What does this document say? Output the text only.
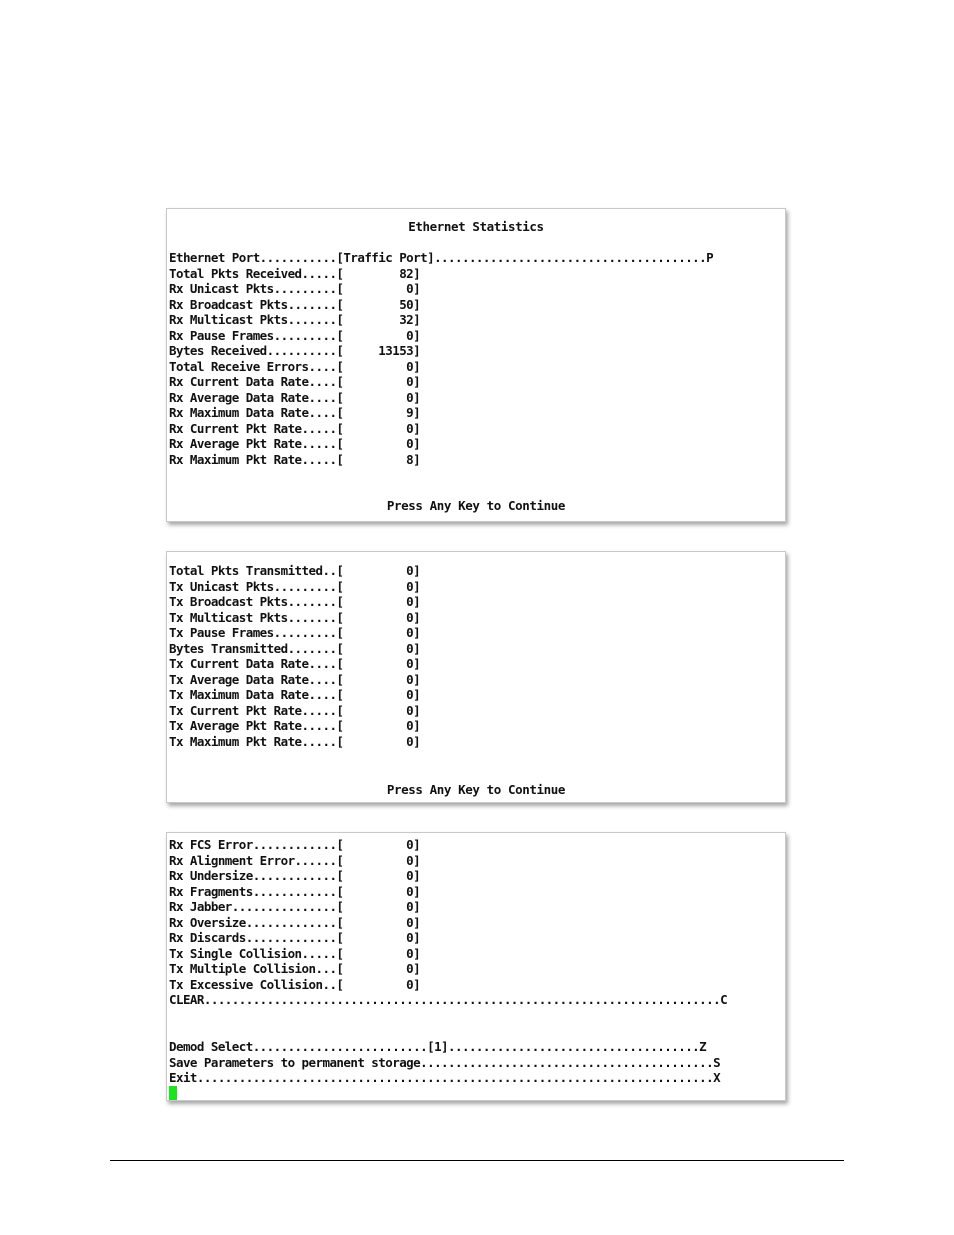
Ethernet Statistics
Ethernet Port...........[Traffic Port].......................................P
Total Pkts Received.....[        82]
Rx Unicast Pkts.........[         0]
Rx Broadcast Pkts.......[        50]
Rx Multicast Pkts.......[        32]
Rx Pause Frames.........[         0]
Bytes Received..........[     13153]
Total Receive Errors....[         0]
Rx Current Data Rate....[         0]
Rx Average Data Rate....[         0]
Rx Maximum Data Rate....[         9]
Rx Current Pkt Rate.....[         0]
Rx Average Pkt Rate.....[         0]
Rx Maximum Pkt Rate.....[         8]
Press Any Key to Continue
Total Pkts Transmitted..[         0]
Tx Unicast Pkts.........[         0]
Tx Broadcast Pkts.......[         0]
Tx Multicast Pkts.......[         0]
Tx Pause Frames.........[         0]
Bytes Transmitted.......[         0]
Tx Current Data Rate....[         0]
Tx Average Data Rate....[         0]
Tx Maximum Data Rate....[         0]
Tx Current Pkt Rate.....[         0]
Tx Average Pkt Rate.....[         0]
Tx Maximum Pkt Rate.....[         0]
Press Any Key to Continue
Rx FCS Error............[         0]
Rx Alignment Error......[         0]
Rx Undersize............[         0]
Rx Fragments............[         0]
Rx Jabber...............[         0]
Rx Oversize.............[         0]
Rx Discards.............[         0]
Tx Single Collision.....[         0]
Tx Multiple Collision...[         0]
Tx Excessive Collision..[         0]
CLEAR..........................................................................C
Demod Select.........................[1]....................................Z
Save Parameters to permanent storage..........................................S
Exit..........................................................................X
